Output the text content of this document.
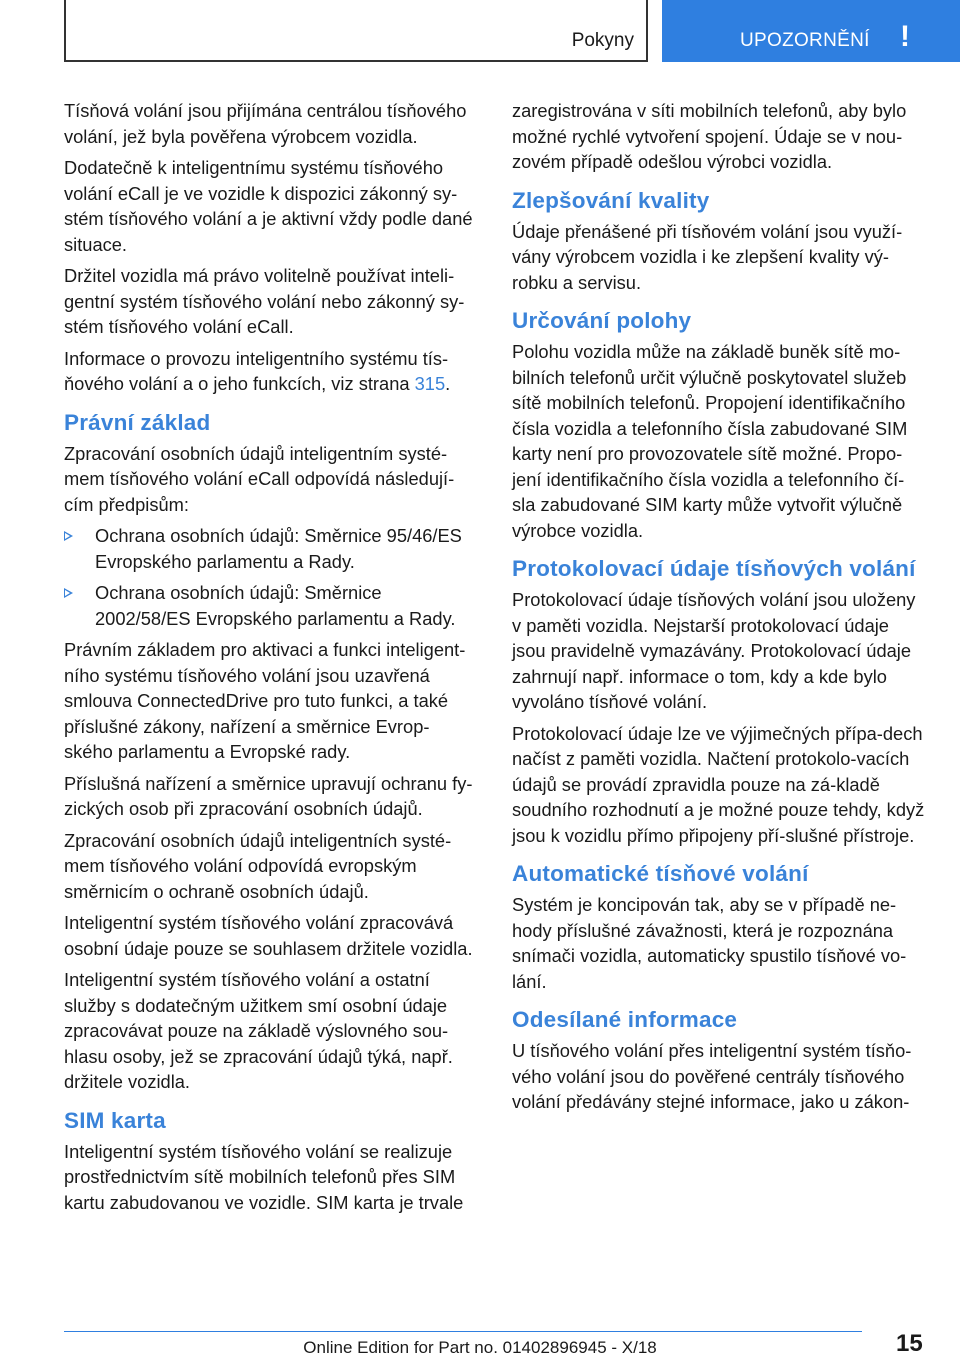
Pokyny	UPOZORNĚNÍ !

Tísňová volání jsou přijímána centrálou tísňového volání, jež byla pověřena výrobcem vozidla.

Dodatečně k inteligentnímu systému tísňového volání eCall je ve vozidle k dispozici zákonný sy-stém tísňového volání a je aktivní vždy podle dané situace.

Držitel vozidla má právo volitelně používat inteli-gentní systém tísňového volání nebo zákonný sy-stém tísňového volání eCall.

Informace o provozu inteligentního systému tís-ňového volání a o jeho funkcích, viz strana 315.

Právní základ

Zpracování osobních údajů inteligentním systé-mem tísňového volání eCall odpovídá následují-cím předpisům:

Ochrana osobních údajů: Směrnice 95/46/ES Evropského parlamentu a Rady.
Ochrana osobních údajů: Směrnice 2002/58/ES Evropského parlamentu a Rady.

Právním základem pro aktivaci a funkci inteligent-ního systému tísňového volání jsou uzavřená smlouva ConnectedDrive pro tuto funkci, a také příslušné zákony, nařízení a směrnice Evrop-ského parlamentu a Evropské rady.

Příslušná nařízení a směrnice upravují ochranu fy-zických osob při zpracování osobních údajů.

Zpracování osobních údajů inteligentních systé-mem tísňového volání odpovídá evropským směrnicím o ochraně osobních údajů.

Inteligentní systém tísňového volání zpracovává osobní údaje pouze se souhlasem držitele vozidla.

Inteligentní systém tísňového volání a ostatní služby s dodatečným užitkem smí osobní údaje zpracovávat pouze na základě výslovného sou-hlasu osoby, jež se zpracování údajů týká, např. držitele vozidla.

SIM karta

Inteligentní systém tísňového volání se realizuje prostřednictvím sítě mobilních telefonů přes SIM kartu zabudovanou ve vozidle. SIM karta je trvale

zaregistrována v síti mobilních telefonů, aby bylo možné rychlé vytvoření spojení. Údaje se v nou-zovém případě odešlou výrobci vozidla.

Zlepšování kvality

Údaje přenášené při tísňovém volání jsou využí-vány výrobcem vozidla i ke zlepšení kvality vý-robku a servisu.

Určování polohy

Polohu vozidla může na základě buněk sítě mo-bilních telefonů určit výlučně poskytovatel služeb sítě mobilních telefonů. Propojení identifikačního čísla vozidla a telefonního čísla zabudované SIM karty není pro provozovatele sítě možné. Propo-jení identifikačního čísla vozidla a telefonního čí-sla zabudované SIM karty může vytvořit výlučně výrobce vozidla.

Protokolovací údaje tísňových volání

Protokolovací údaje tísňových volání jsou uloženy v paměti vozidla. Nejstarší protokolovací údaje jsou pravidelně vymazávány. Protokolovací údaje zahrnují např. informace o tom, kdy a kde bylo vyvoláno tísňové volání.

Protokolovací údaje lze ve výjimečných přípa-dech načíst z paměti vozidla. Načtení protokolo-vacích údajů se provádí zpravidla pouze na zá-kladě soudního rozhodnutí a je možné pouze tehdy, když jsou k vozidlu přímo připojeny pří-slušné přístroje.

Automatické tísňové volání

Systém je koncipován tak, aby se v případě ne-hody příslušné závažnosti, která je rozpoznána snímači vozidla, automaticky spustilo tísňové vo-lání.

Odesílané informace

U tísňového volání přes inteligentní systém tísňo-vého volání jsou do pověřené centrály tísňového volání předávány stejné informace, jako u zákon-

15
Online Edition for Part no. 01402896945 - X/18
